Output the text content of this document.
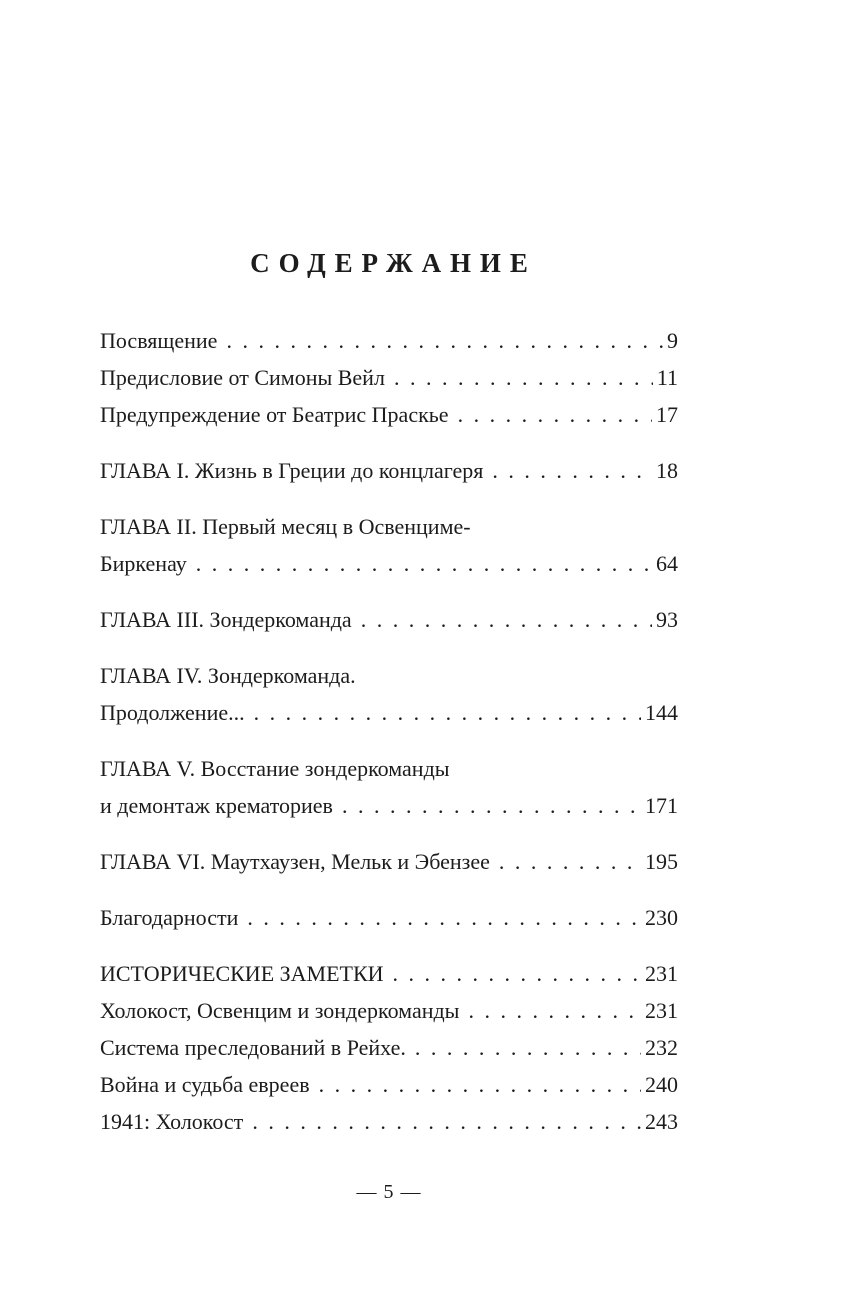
СОДЕРЖАНИЕ
Посвящение . . .	9
Предисловие от Симоны Вейл . . .	11
Предупреждение от Беатрис Праскье . . .	17
ГЛАВА I. Жизнь в Греции до концлагеря . . .	18
ГЛАВА II. Первый месяц в Освенциме-
Биркенау . . .	64
ГЛАВА III. Зондеркоманда . . .	93
ГЛАВА IV. Зондеркоманда.
Продолжение... . . .	144
ГЛАВА V. Восстание зондеркоманды
и демонтаж крематориев . . .	171
ГЛАВА VI. Маутхаузен, Мельк и Эбензее . . .	195
Благодарности . . .	230
ИСТОРИЧЕСКИЕ ЗАМЕТКИ . . .	231
Холокост, Освенцим и зондеркоманды . . .	231
Система преследований в Рейхе. . . .	232
Война и судьба евреев . . .	240
1941: Холокост . . .	243
— 5 —
